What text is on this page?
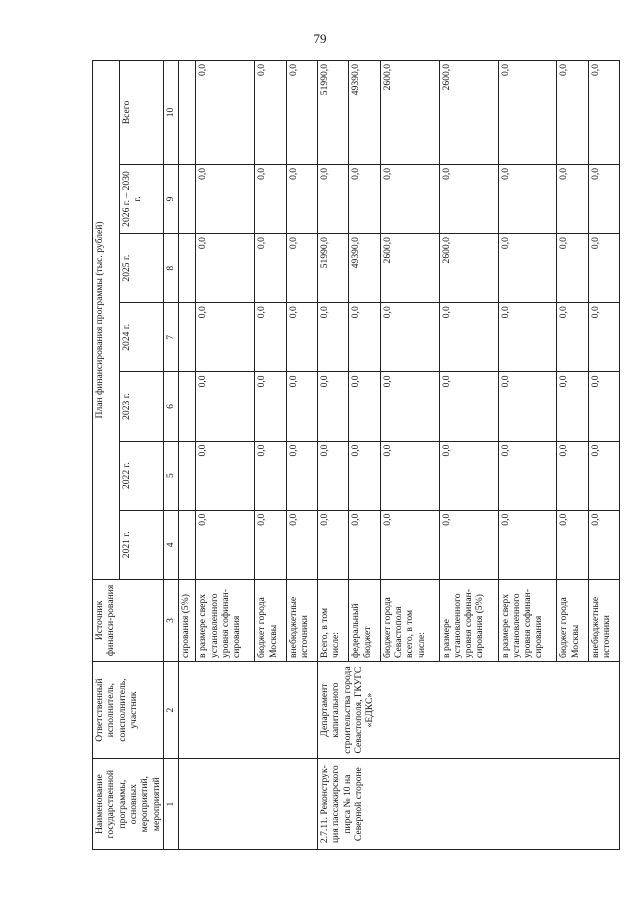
79
Наименование государственной программы, основных мероприятий, мероприятий	Ответственный исполнитель, соисполнитель, участник	Источник финанси-рования	План финансирования программы (тыс. рублей)						
			2021 г.	2022 г.	2023 г.	2024 г.	2025 г.	2026 г. – 2030 г.	Всего
1	2	3	4	5	6	7	8	9	10
		сирования (5%)							
		в размере сверх установленного уровня софинан-сирования	0,0	0,0	0,0	0,0	0,0	0,0	0,0
		бюджет города Москвы	0,0	0,0	0,0	0,0	0,0	0,0	0,0
		внебюджетные источники	0,0	0,0	0,0	0,0	0,0	0,0	0,0
2.7.11. Реконструк-ция пассажирского пирса № 10 на Северной стороне	Департамент капитального строительства города Севастополя, ГКУГС «ЕДКС»	Всего, в том числе:	0,0	0,0	0,0	0,0	51990,0	0,0	51990,0
		федеральный бюджет	0,0	0,0	0,0	0,0	49390,0	0,0	49390,0
		бюджет города Севастополя всего, в том числе:	0,0	0,0	0,0	0,0	2600,0	0,0	2600,0
		в размере установленного уровня софинан-сирования (5%)	0,0	0,0	0,0	0,0	2600,0	0,0	2600,0
		в размере сверх установленного уровня софинан-сирования	0,0	0,0	0,0	0,0	0,0	0,0	0,0
		бюджет города Москвы	0,0	0,0	0,0	0,0	0,0	0,0	0,0
		внебюджетные источники	0,0	0,0	0,0	0,0	0,0	0,0	0,0
